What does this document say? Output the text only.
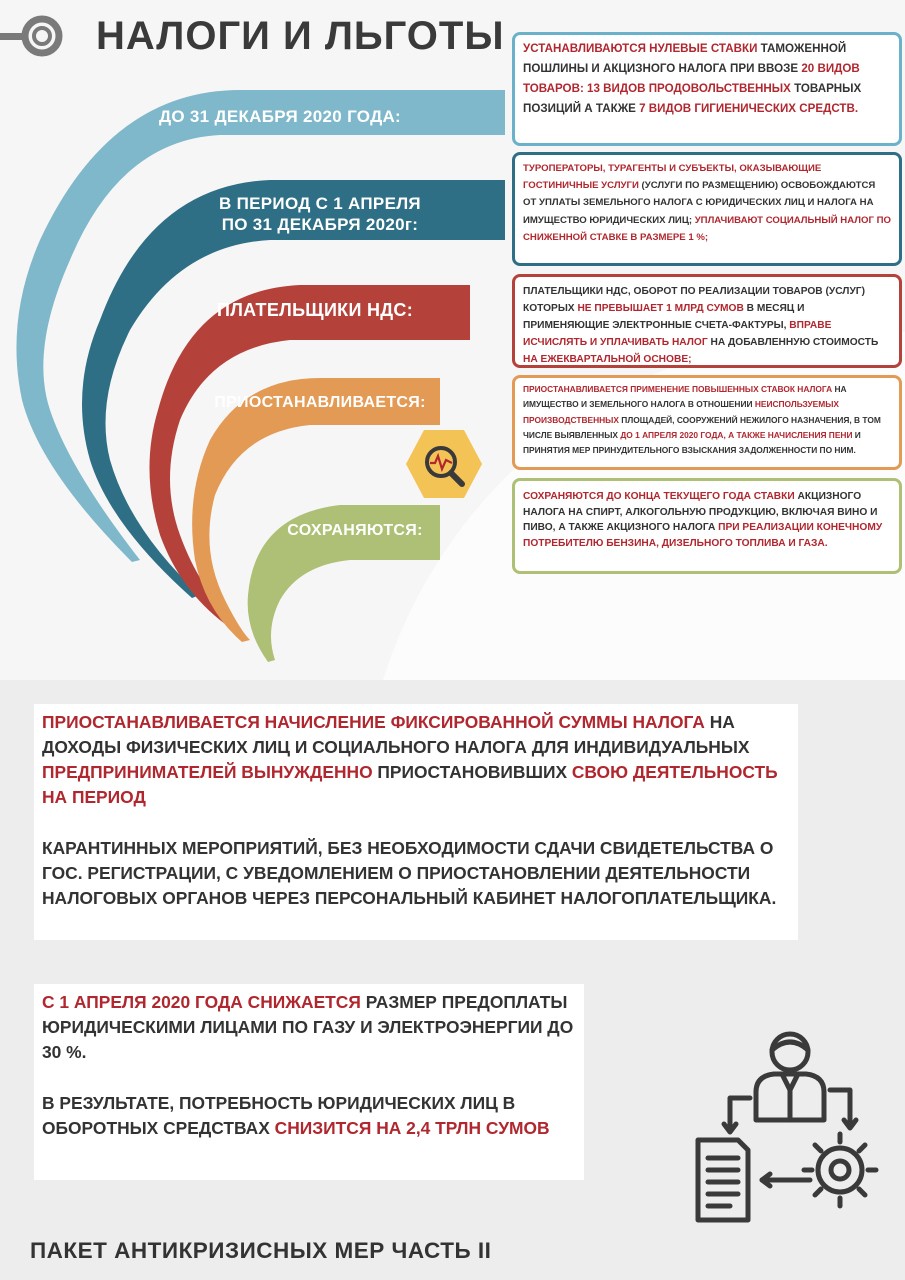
НАЛОГИ И ЛЬГОТЫ
ДО 31 ДЕКАБРЯ 2020 ГОДА:
В ПЕРИОД С 1 АПРЕЛЯ
ПО 31 ДЕКАБРЯ 2020г:
ПЛАТЕЛЬЩИКИ НДС:
ПРИОСТАНАВЛИВАЕТСЯ:
СОХРАНЯЮТСЯ:
УСТАНАВЛИВАЮТСЯ НУЛЕВЫЕ СТАВКИ ТАМОЖЕННОЙ ПОШЛИНЫ И АКЦИЗНОГО НАЛОГА ПРИ ВВОЗЕ 20 ВИДОВ ТОВАРОВ: 13 ВИДОВ ПРОДОВОЛЬСТВЕННЫХ ТОВАРНЫХ ПОЗИЦИЙ А ТАКЖЕ 7 ВИДОВ ГИГИЕНИЧЕСКИХ СРЕДСТВ.
ТУРОПЕРАТОРЫ, ТУРАГЕНТЫ И СУБЪЕКТЫ, ОКАЗЫВАЮЩИЕ ГОСТИНИЧНЫЕ УСЛУГИ (УСЛУГИ ПО РАЗМЕЩЕНИЮ) ОСВОБОЖДАЮТСЯ ОТ УПЛАТЫ ЗЕМЕЛЬНОГО НАЛОГА С ЮРИДИЧЕСКИХ ЛИЦ И НАЛОГА НА ИМУЩЕСТВО ЮРИДИЧЕСКИХ ЛИЦ; УПЛАЧИВАЮТ СОЦИАЛЬНЫЙ НАЛОГ ПО СНИЖЕННОЙ СТАВКЕ В РАЗМЕРЕ 1 %;
ПЛАТЕЛЬЩИКИ НДС, ОБОРОТ ПО РЕАЛИЗАЦИИ ТОВАРОВ (УСЛУГ) КОТОРЫХ НЕ ПРЕВЫШАЕТ 1 МЛРД СУМОВ В МЕСЯЦ И ПРИМЕНЯЮЩИЕ ЭЛЕКТРОННЫЕ СЧЕТА-ФАКТУРЫ, ВПРАВЕ ИСЧИСЛЯТЬ И УПЛАЧИВАТЬ НАЛОГ НА ДОБАВЛЕННУЮ СТОИМОСТЬ НА ЕЖЕКВАРТАЛЬНОЙ ОСНОВЕ;
ПРИОСТАНАВЛИВАЕТСЯ ПРИМЕНЕНИЕ ПОВЫШЕННЫХ СТАВОК НАЛОГА НА ИМУЩЕСТВО И ЗЕМЕЛЬНОГО НАЛОГА В ОТНОШЕНИИ НЕИСПОЛЬЗУЕМЫХ ПРОИЗВОДСТВЕННЫХ ПЛОЩАДЕЙ, СООРУЖЕНИЙ НЕЖИЛОГО НАЗНАЧЕНИЯ, В ТОМ ЧИСЛЕ ВЫЯВЛЕННЫХ ДО 1 АПРЕЛЯ 2020 ГОДА, А ТАКЖЕ НАЧИСЛЕНИЯ ПЕНИ И ПРИНЯТИЯ МЕР ПРИНУДИТЕЛЬНОГО ВЗЫСКАНИЯ ЗАДОЛЖЕННОСТИ ПО НИМ.
СОХРАНЯЮТСЯ ДО КОНЦА ТЕКУЩЕГО ГОДА СТАВКИ АКЦИЗНОГО НАЛОГА НА СПИРТ, АЛКОГОЛЬНУЮ ПРОДУКЦИЮ, ВКЛЮЧАЯ ВИНО И ПИВО, А ТАКЖЕ АКЦИЗНОГО НАЛОГА ПРИ РЕАЛИЗАЦИИ КОНЕЧНОМУ ПОТРЕБИТЕЛЮ БЕНЗИНА, ДИЗЕЛЬНОГО ТОПЛИВА И ГАЗА.
ПРИОСТАНАВЛИВАЕТСЯ НАЧИСЛЕНИЕ ФИКСИРОВАННОЙ СУММЫ НАЛОГА НА ДОХОДЫ ФИЗИЧЕСКИХ ЛИЦ И СОЦИАЛЬНОГО НАЛОГА ДЛЯ ИНДИВИДУАЛЬНЫХ ПРЕДПРИНИМАТЕЛЕЙ ВЫНУЖДЕННО ПРИОСТАНОВИВШИХ СВОЮ ДЕЯТЕЛЬНОСТЬ НА ПЕРИОД
КАРАНТИННЫХ МЕРОПРИЯТИЙ, БЕЗ НЕОБХОДИМОСТИ СДАЧИ СВИДЕТЕЛЬСТВА О ГОС. РЕГИСТРАЦИИ, С УВЕДОМЛЕНИЕМ О ПРИОСТАНОВЛЕНИИ ДЕЯТЕЛЬНОСТИ НАЛОГОВЫХ ОРГАНОВ ЧЕРЕЗ ПЕРСОНАЛЬНЫЙ КАБИНЕТ НАЛОГОПЛАТЕЛЬЩИКА.
С 1 АПРЕЛЯ 2020 ГОДА СНИЖАЕТСЯ РАЗМЕР ПРЕДОПЛАТЫ ЮРИДИЧЕСКИМИ ЛИЦАМИ ПО ГАЗУ И ЭЛЕКТРОЭНЕРГИИ ДО 30 %.
В РЕЗУЛЬТАТЕ, ПОТРЕБНОСТЬ ЮРИДИЧЕСКИХ ЛИЦ В ОБОРОТНЫХ СРЕДСТВАХ СНИЗИТСЯ НА 2,4 ТРЛН СУМОВ
ПАКЕТ АНТИКРИЗИСНЫХ МЕР ЧАСТЬ II
